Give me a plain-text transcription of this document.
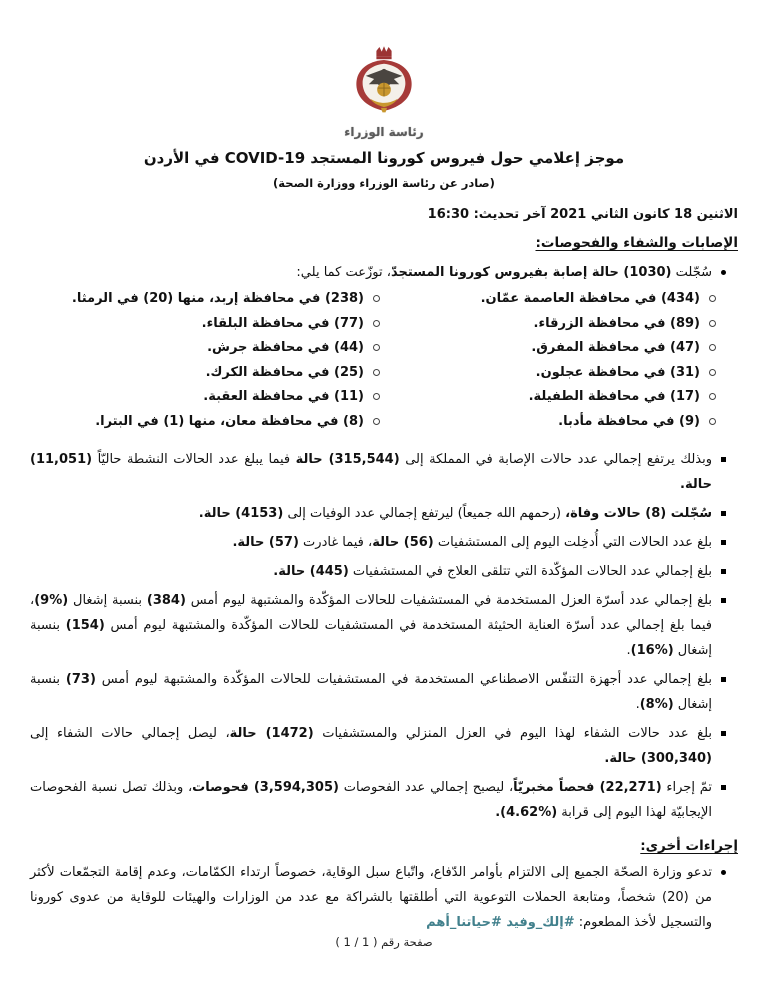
رئاسة الوزراء
موجز إعلامي حول فيروس كورونا المستجد COVID-19 في الأردن
(صادر عن رئاسة الوزراء ووزارة الصحة)
الاثنين 18 كانون الثاني 2021 آخر تحديث: 16:30
الإصابات والشفاء والفحوصات:
سُجّلت (1030) حالة إصابة بفيروس كورونا المستجدّ، توزّعت كما يلي:
(434) في محافظة العاصمة عمّان.
(89) في محافظة الزرقاء.
(47) في محافظة المفرق.
(31) في محافظة عجلون.
(17) في محافظة الطفيلة.
(9) في محافظة مأدبا.
(238) في محافظة إربد، منها (20) في الرمثا.
(77) في محافظة البلقاء.
(44) في محافظة جرش.
(25) في محافظة الكرك.
(11) في محافظة العقبة.
(8) في محافظة معان، منها (1) في البترا.
وبذلك يرتفع إجمالي عدد حالات الإصابة في المملكة إلى (315,544) حالة فيما يبلغ عدد الحالات النشطة حاليّاً (11,051) حالة.
سُجّلت (8) حالات وفاة، (رحمهم الله جميعاً) ليرتفع إجمالي عدد الوفيات إلى (4153) حالة.
بلغ عدد الحالات التي أُدخِلت اليوم إلى المستشفيات (56) حالة، فيما غادرت (57) حالة.
بلغ إجمالي عدد الحالات المؤكّدة التي تتلقى العلاج في المستشفيات (445) حالة.
بلغ إجمالي عدد أسرّة العزل المستخدمة في المستشفيات للحالات المؤكّدة والمشتبهة ليوم أمس (384) بنسبة إشغال (%9)، فيما بلغ إجمالي عدد أسرّة العناية الحثيثة المستخدمة في المستشفيات للحالات المؤكّدة والمشتبهة ليوم أمس (154) بنسبة إشغال (%16).
بلغ إجمالي عدد أجهزة التنفّس الاصطناعي المستخدمة في المستشفيات للحالات المؤكّدة والمشتبهة ليوم أمس (73) بنسبة إشغال (%8).
بلغ عدد حالات الشفاء لهذا اليوم في العزل المنزلي والمستشفيات (1472) حالة، ليصل إجمالي حالات الشفاء إلى (300,340) حالة.
تمّ إجراء (22,271) فحصاً مخبريّاً، ليصبح إجمالي عدد الفحوصات (3,594,305) فحوصات، وبذلك تصل نسبة الفحوصات الإيجابيّة لهذا اليوم إلى قرابة (%4.62).
إجراءات أخرى:
تدعو وزارة الصحّة الجميع إلى الالتزام بأوامر الدّفاع، واتّباع سبل الوقاية، خصوصاً ارتداء الكمّامات، وعدم إقامة التجمّعات لأكثر من (20) شخصاً، ومتابعة الحملات التوعوية التي أطلقتها بالشراكة مع عدد من الوزارات والهيئات للوقاية من عدوى كورونا والتسجيل لأخذ المطعوم: #إلك_وفيد #حياتنا_أهم
صفحة رقم ( 1 / 1 )
